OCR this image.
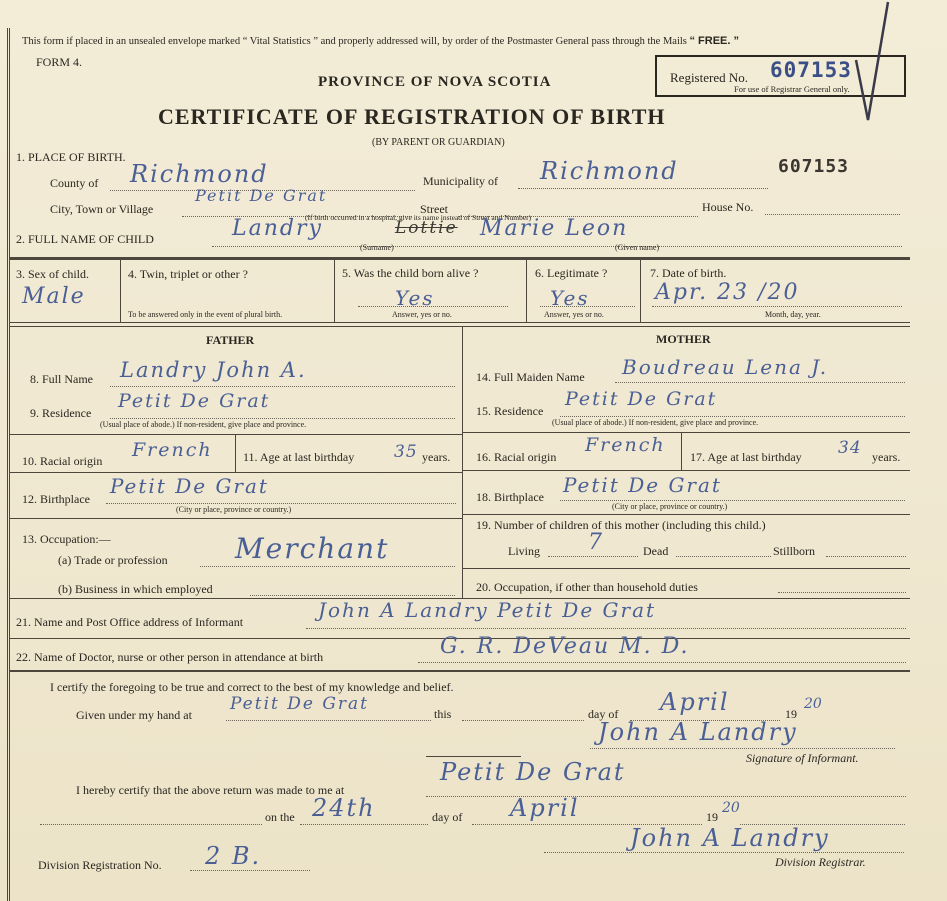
This form if placed in an unsealed envelope marked “ Vital Statistics ” and properly addressed will, by order of the Postmaster General pass through the Mails “ FREE. ”
FORM 4.
PROVINCE OF NOVA SCOTIA
CERTIFICATE OF REGISTRATION OF BIRTH
(BY PARENT OR GUARDIAN)
Registered No. 607153
For use of Registrar General only.
607153
1. PLACE OF BIRTH.
County of Richmond	Municipality of Richmond
City, Town or Village
Petit De Grat
Street	House No.
(If birth occurred in a hospital, give its name instead of Street and Number)
2. FULL NAME OF CHILD	Landry	Lottie Marie Leon
(Surname)	(Given name)
3. Sex of child.
Male
4. Twin, triplet or other ?
To be answered only in the event of plural birth.
5. Was the child born alive ?
Yes
Answer, yes or no.
6. Legitimate ?
Yes
Answer, yes or no.
7. Date of birth.
Apr. 23 /20
Month, day, year.
FATHER	MOTHER
8. Full Name Landry John A.
9. Residence
Petit De Grat
(Usual place of abode.) If non-resident, give place and province.
10. Racial origin French	11. Age at last birthday 35 years.
12. Birthplace
Petit De Grat
(City or place, province or country.)
13. Occupation:—
(a) Trade or profession Merchant
(b) Business in which employed
14. Full Maiden Name Boudreau Lena J.
15. Residence
Petit De Grat
(Usual place of abode.) If non-resident, give place and province.
16. Racial origin
French
17. Age at last birthday 34 years.
18. Birthplace Petit De Grat
(City or place, province or country.)
19. Number of children of this mother (including this child.)
Living 7	Dead	Stillborn
20. Occupation, if other than household duties
21. Name and Post Office address of Informant	John A Landry Petit De Grat
22. Name of Doctor, nurse or other person in attendance at birth	G. R. DeVeau M. D.
I certify the foregoing to be true and correct to the best of my knowledge and belief.
Given under my hand at
Petit De Grat	this	day of April	19
20
John A Landry
Signature of Informant.
I hereby certify that the above return was made to me at
Petit De Grat
on the 24th	day of April	19
20
Division Registration No. 2 B.
John A Landry
Division Registrar.
